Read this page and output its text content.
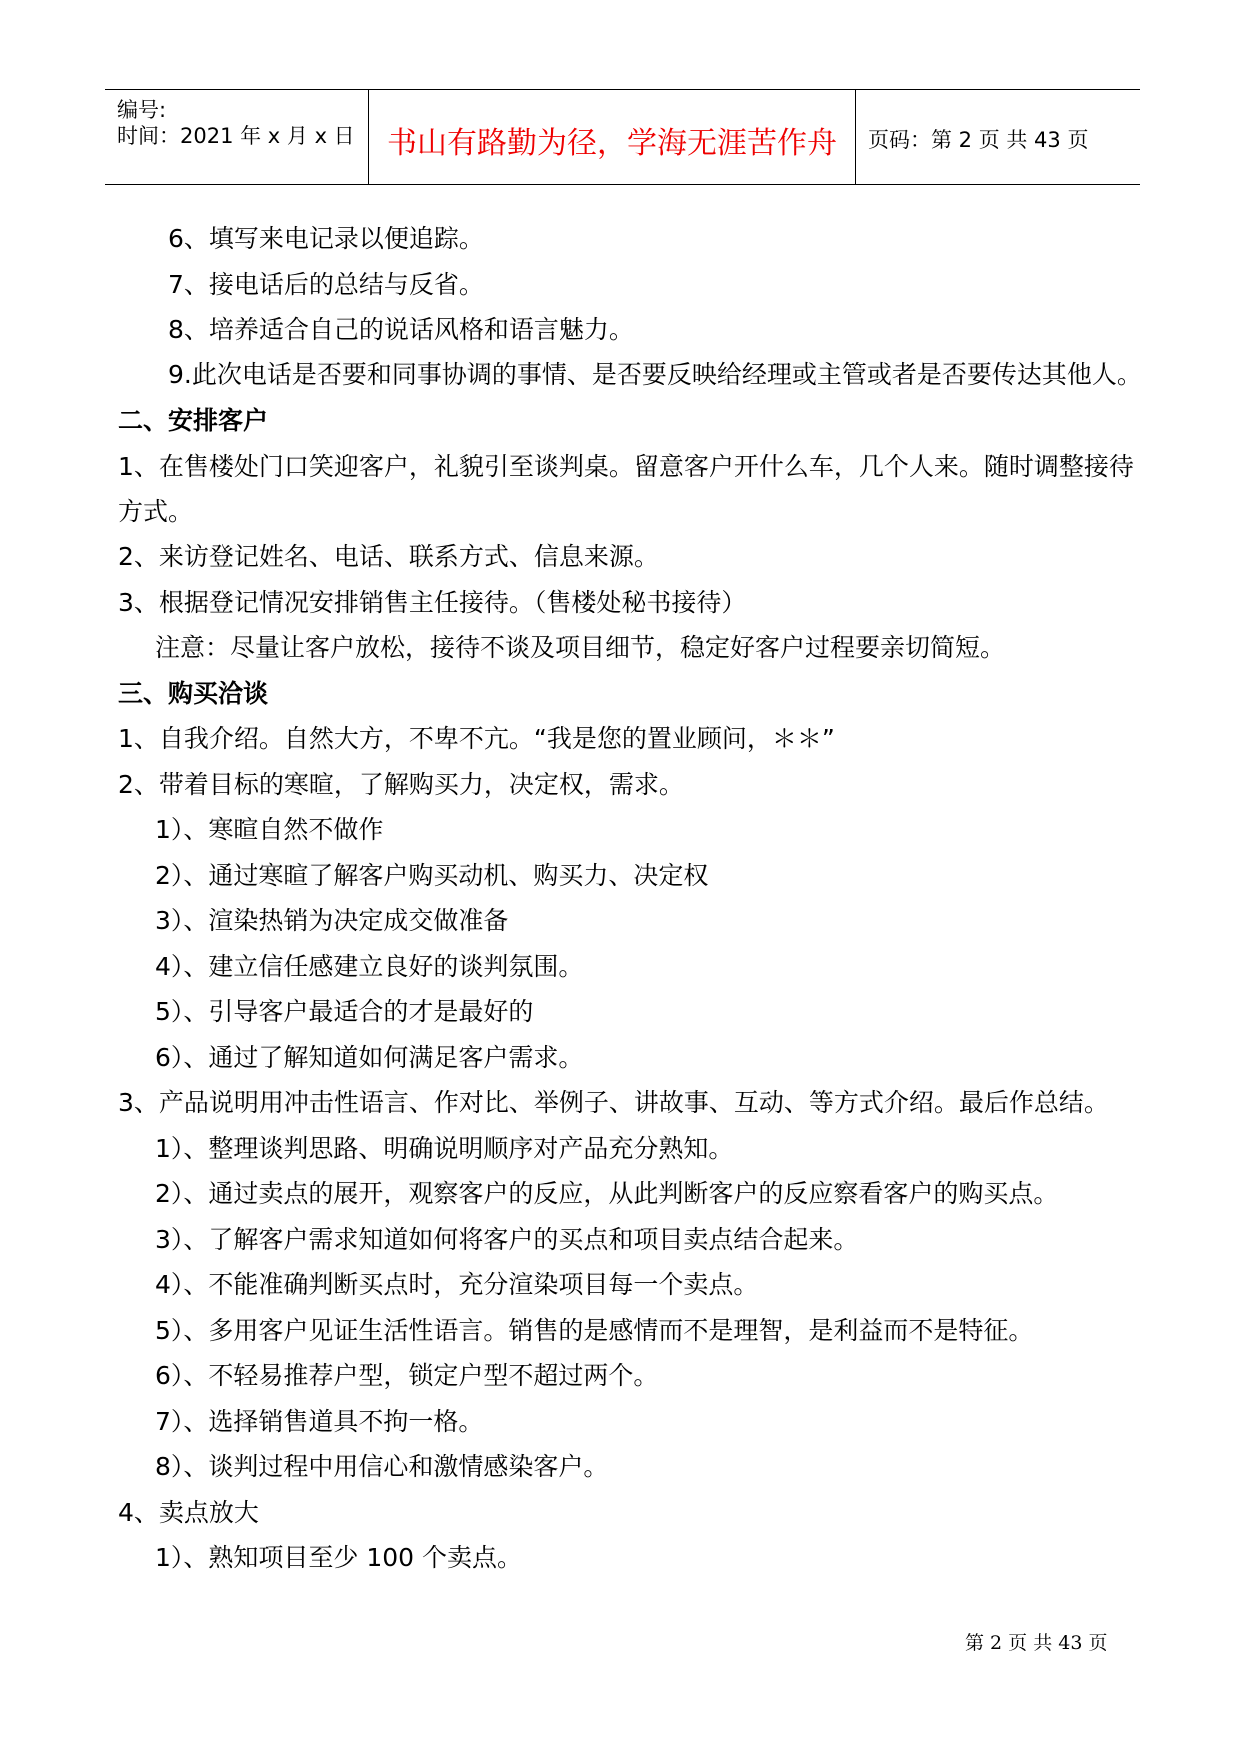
编号:
时间：2021 年 x 月 x 日	书山有路勤为径，学海无涯苦作舟	页码：第 2 页 共 43 页
6、填写来电记录以便追踪。
7、接电话后的总结与反省。
8、培养适合自己的说话风格和语言魅力。
9.此次电话是否要和同事协调的事情、是否要反映给经理或主管或者是否要传达其他人。
二、安排客户
1、在售楼处门口笑迎客户，礼貌引至谈判桌。留意客户开什么车，几个人来。随时调整接待
方式。
2、来访登记姓名、电话、联系方式、信息来源。
3、根据登记情况安排销售主任接待。（售楼处秘书接待）
注意：尽量让客户放松，接待不谈及项目细节，稳定好客户过程要亲切简短。
三、购买洽谈
1、自我介绍。自然大方，不卑不亢。“我是您的置业顾问，＊＊”
2、带着目标的寒暄，了解购买力，决定权，需求。
1）、寒暄自然不做作
2）、通过寒暄了解客户购买动机、购买力、决定权
3）、渲染热销为决定成交做准备
4）、建立信任感建立良好的谈判氛围。
5）、引导客户最适合的才是最好的
6）、通过了解知道如何满足客户需求。
3、产品说明用冲击性语言、作对比、举例子、讲故事、互动、等方式介绍。最后作总结。
1）、整理谈判思路、明确说明顺序对产品充分熟知。
2）、通过卖点的展开，观察客户的反应，从此判断客户的反应察看客户的购买点。
3）、了解客户需求知道如何将客户的买点和项目卖点结合起来。
4）、不能准确判断买点时，充分渲染项目每一个卖点。
5）、多用客户见证生活性语言。销售的是感情而不是理智，是利益而不是特征。
6）、不轻易推荐户型，锁定户型不超过两个。
7）、选择销售道具不拘一格。
8）、谈判过程中用信心和激情感染客户。
4、卖点放大
1）、熟知项目至少 100 个卖点。
第 2 页 共 43 页
